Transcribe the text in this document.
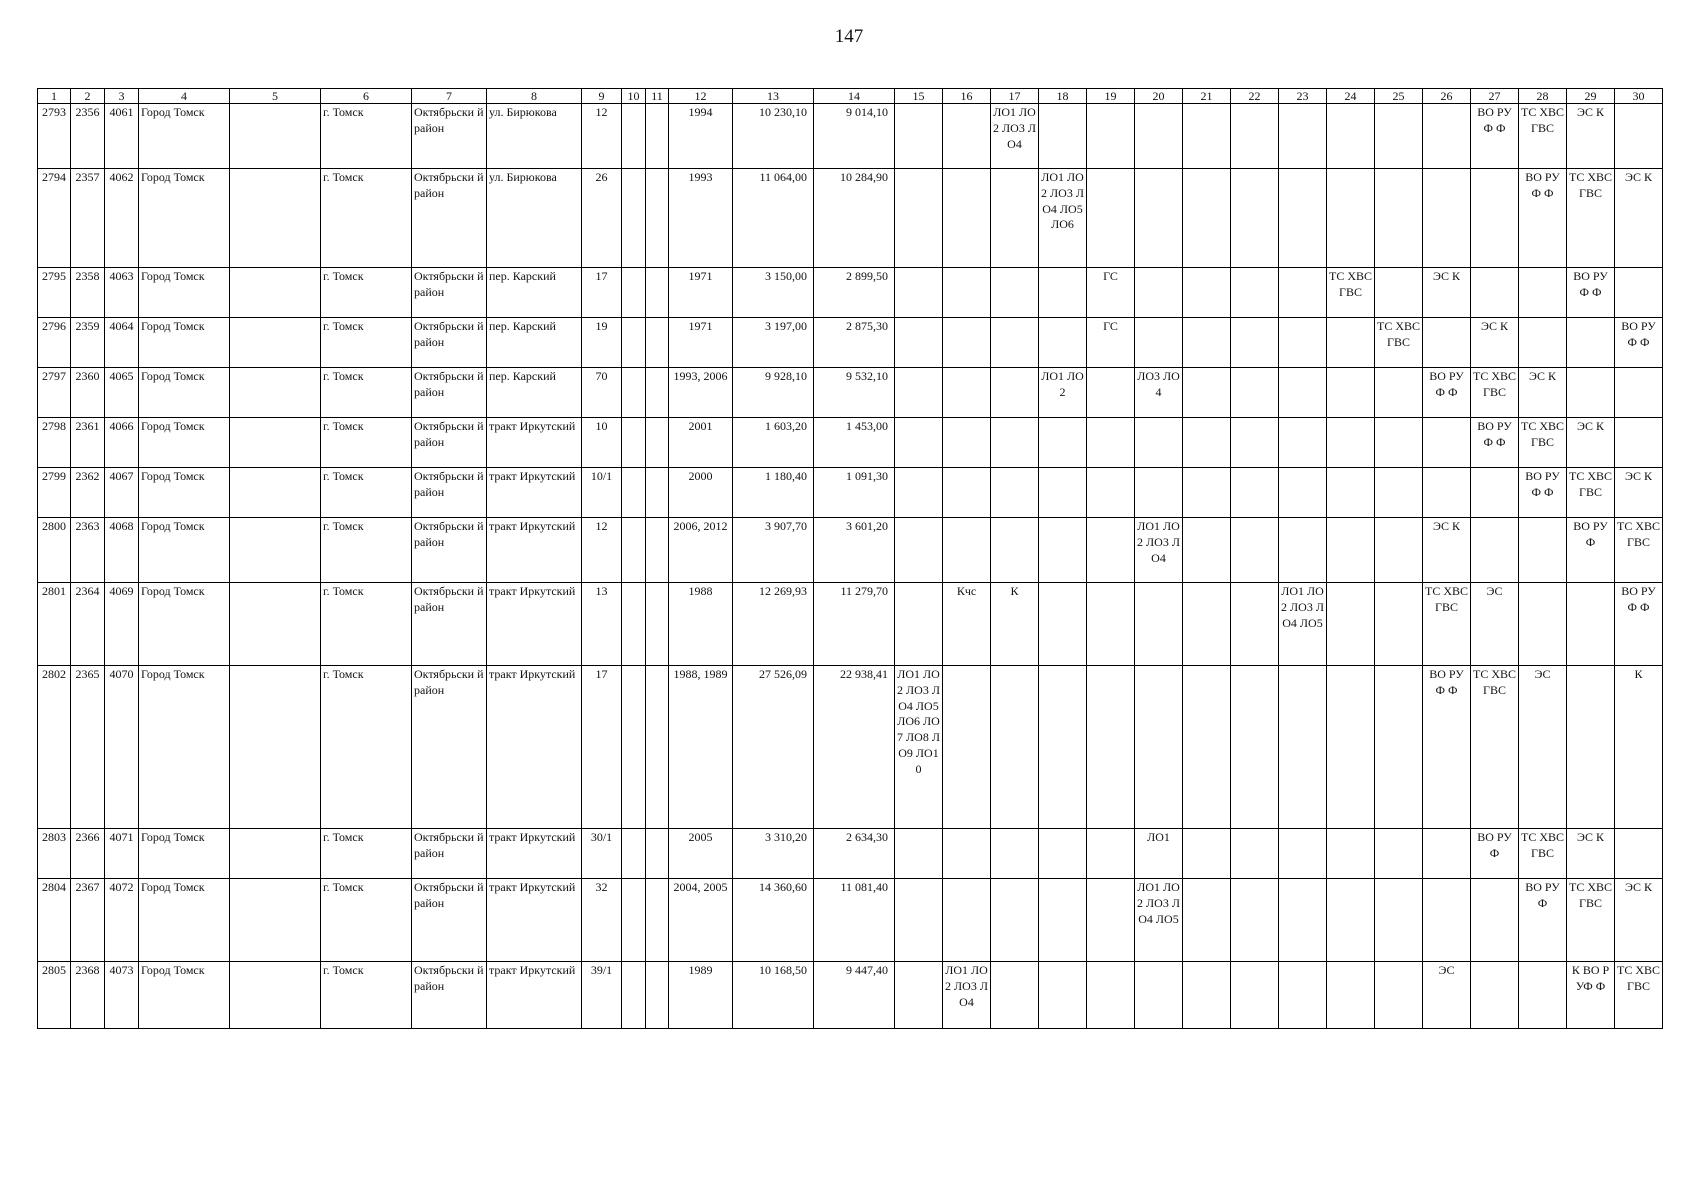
147
1	2	3	4	5	6	7	8	9	10	11	12	13	14	15	16	17	18	19	20	21	22	23	24	25	26	27	28	29	30
2793	2356	4061	Город Томск		г. Томск	Октябрьски й район	ул. Бирюкова	12			1994	10 230,10	9 014,10			ЛО1 ЛО2 ЛО3 ЛО4										ВО РУФ Ф	ТС ХВС ГВС	ЭС К	
2794	2357	4062	Город Томск		г. Томск	Октябрьски й район	ул. Бирюкова	26			1993	11 064,00	10 284,90				ЛО1 ЛО2 ЛО3 ЛО4 ЛО5 ЛО6										ВО РУФ Ф	ТС ХВС ГВС	ЭС К
2795	2358	4063	Город Томск		г. Томск	Октябрьски й район	пер. Карский	17			1971	3 150,00	2 899,50					ГС					ТС ХВС ГВС		ЭС К			ВО РУФ Ф	
2796	2359	4064	Город Томск		г. Томск	Октябрьски й район	пер. Карский	19			1971	3 197,00	2 875,30					ГС						ТС ХВС ГВС		ЭС К			ВО РУФ Ф
2797	2360	4065	Город Томск		г. Томск	Октябрьски й район	пер. Карский	70			1993, 2006	9 928,10	9 532,10				ЛО1 ЛО2		ЛО3 ЛО4						ВО РУФ Ф	ТС ХВС ГВС	ЭС К		
2798	2361	4066	Город Томск		г. Томск	Октябрьски й район	тракт Иркутский	10			2001	1 603,20	1 453,00													ВО РУФ Ф	ТС ХВС ГВС	ЭС К	
2799	2362	4067	Город Томск		г. Томск	Октябрьски й район	тракт Иркутский	10/1			2000	1 180,40	1 091,30														ВО РУФ Ф	ТС ХВС ГВС	ЭС К
2800	2363	4068	Город Томск		г. Томск	Октябрьски й район	тракт Иркутский	12			2006, 2012	3 907,70	3 601,20						ЛО1 ЛО2 ЛО3 ЛО4						ЭС К			ВО РУФ	ТС ХВС ГВС
2801	2364	4069	Город Томск		г. Томск	Октябрьски й район	тракт Иркутский	13			1988	12 269,93	11 279,70		Кчс	К						ЛО1 ЛО2 ЛО3 ЛО4 ЛО5			ТС ХВС ГВС	ЭС			ВО РУФ Ф
2802	2365	4070	Город Томск		г. Томск	Октябрьски й район	тракт Иркутский	17			1988, 1989	27 526,09	22 938,41	ЛО1 ЛО2 ЛО3 ЛО4 ЛО5 ЛО6 ЛО7 ЛО8 ЛО9 ЛО10											ВО РУФ Ф	ТС ХВС ГВС	ЭС		К
2803	2366	4071	Город Томск		г. Томск	Октябрьски й район	тракт Иркутский	30/1			2005	3 310,20	2 634,30						ЛО1							ВО РУФ	ТС ХВС ГВС	ЭС К	
2804	2367	4072	Город Томск		г. Томск	Октябрьски й район	тракт Иркутский	32			2004, 2005	14 360,60	11 081,40						ЛО1 ЛО2 ЛО3 ЛО4 ЛО5								ВО РУФ	ТС ХВС ГВС	ЭС К
2805	2368	4073	Город Томск		г. Томск	Октябрьски й район	тракт Иркутский	39/1			1989	10 168,50	9 447,40		ЛО1 ЛО2 ЛО3 ЛО4										ЭС			К ВО РУФ Ф	ТС ХВС ГВС
